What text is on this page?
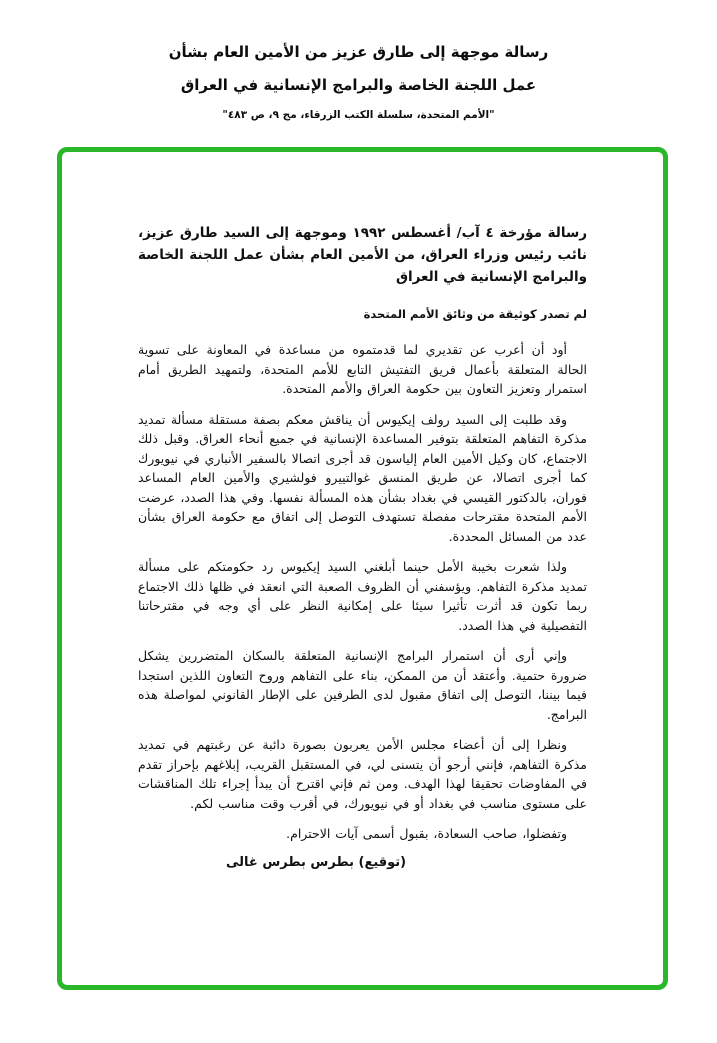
رسالة موجهة إلى طارق عزيز من الأمين العام بشأن
عمل اللجنة الخاصة والبرامج الإنسانية في العراق
"الأمم المتحدة، سلسلة الكتب الزرقاء، مج ٩، ص ٤٨٣"
رسالة مؤرخة ٤ آب/ أغسطس ١٩٩٢ وموجهة إلى السيد طارق عزيز، نائب رئيس وزراء العراق، من الأمين العام بشأن عمل اللجنة الخاصة والبرامج الإنسانية في العراق
لم تصدر كوثيقة من وثائق الأمم المتحدة

أود أن أعرب عن تقديري لما قدمتموه من مساعدة في المعاونة على تسوية الحالة المتعلقة بأعمال فريق التفتيش التابع للأمم المتحدة، ولتمهيد الطريق أمام استمرار وتعزيز التعاون بين حكومة العراق والأمم المتحدة.

وقد طلبت إلى السيد رولف إيكيوس أن يناقش معكم بصفة مستقلة مسألة تمديد مذكرة التفاهم المتعلقة بتوفير المساعدة الإنسانية في جميع أنحاء العراق. وقبل ذلك الاجتماع، كان وكيل الأمين العام إلياسون قد أجرى اتصالا بالسفير الأنباري في نيويورك كما أجرى اتصالا، عن طريق المنسق غوالتييرو فولشيري والأمين العام المساعد فوران، بالدكتور القيسي في بغداد بشأن هذه المسألة نفسها. وفي هذا الصدد، عرضت الأمم المتحدة مقترحات مفصلة تستهدف التوصل إلى اتفاق مع حكومة العراق بشأن عدد من المسائل المحددة.

ولذا شعرت بخيبة الأمل حينما أبلغني السيد إيكيوس رد حكومتكم على مسألة تمديد مذكرة التفاهم. ويؤسفني أن الظروف الصعبة التي انعقد في ظلها ذلك الاجتماع ربما تكون قد أثرت تأثيرا سيئا على إمكانية النظر على أي وجه في مقترحاتنا التفصيلية في هذا الصدد.

وإني أرى أن استمرار البرامج الإنسانية المتعلقة بالسكان المتضررين يشكل ضرورة حتمية. وأعتقد أن من الممكن، بناء على التفاهم وروح التعاون اللذين استجدا فيما بيننا، التوصل إلى اتفاق مقبول لدى الطرفين على الإطار القانوني لمواصلة هذه البرامج.

ونظرا إلى أن أعضاء مجلس الأمن يعربون بصورة دائبة عن رغبتهم في تمديد مذكرة التفاهم، فإنني أرجو أن يتسنى لي، في المستقبل القريب، إبلاغهم بإحراز تقدم في المفاوضات تحقيقا لهذا الهدف. ومن ثم فإني اقترح أن يبدأ إجراء تلك المناقشات على مستوى مناسب في بغداد أو في نيويورك، في أقرب وقت مناسب لكم.

وتفضلوا، صاحب السعادة، بقبول أسمى آيات الاحترام.

(توقيع) بطرس بطرس غالى
